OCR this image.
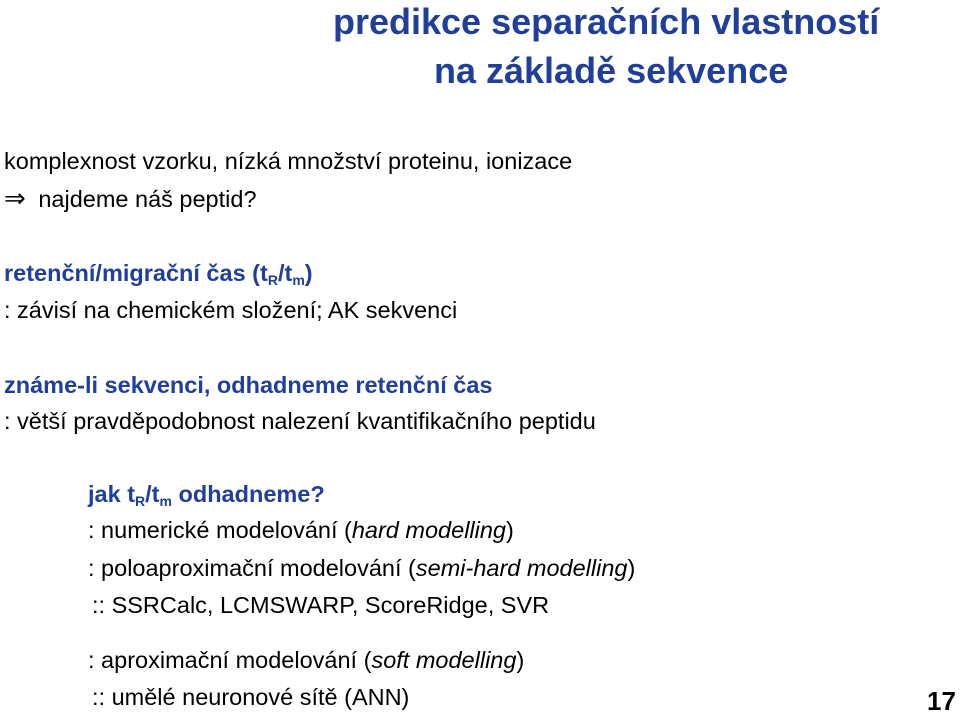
predikce separačních vlastností
na základě sekvence
komplexnost vzorku, nízká množství proteinu, ionizace
⇒ najdeme náš peptid?
retenční/migrační čas $(t_R/t_m)$
: závisí na chemickém složení; AK sekvenci
známe-li sekvenci, odhadneme retenční čas
: větší pravděpodobnost nalezení kvantifikačního peptidu
jak $t_R/t_m$ odhadneme?
: numerické modelování (hard modelling)
: poloaproximační modelování (semi-hard modelling)
:: SSRCalc, LCMSWARP, ScoreRidge, SVR
: aproximační modelování (soft modelling)
:: umělé neuronové sítě (ANN)	17
